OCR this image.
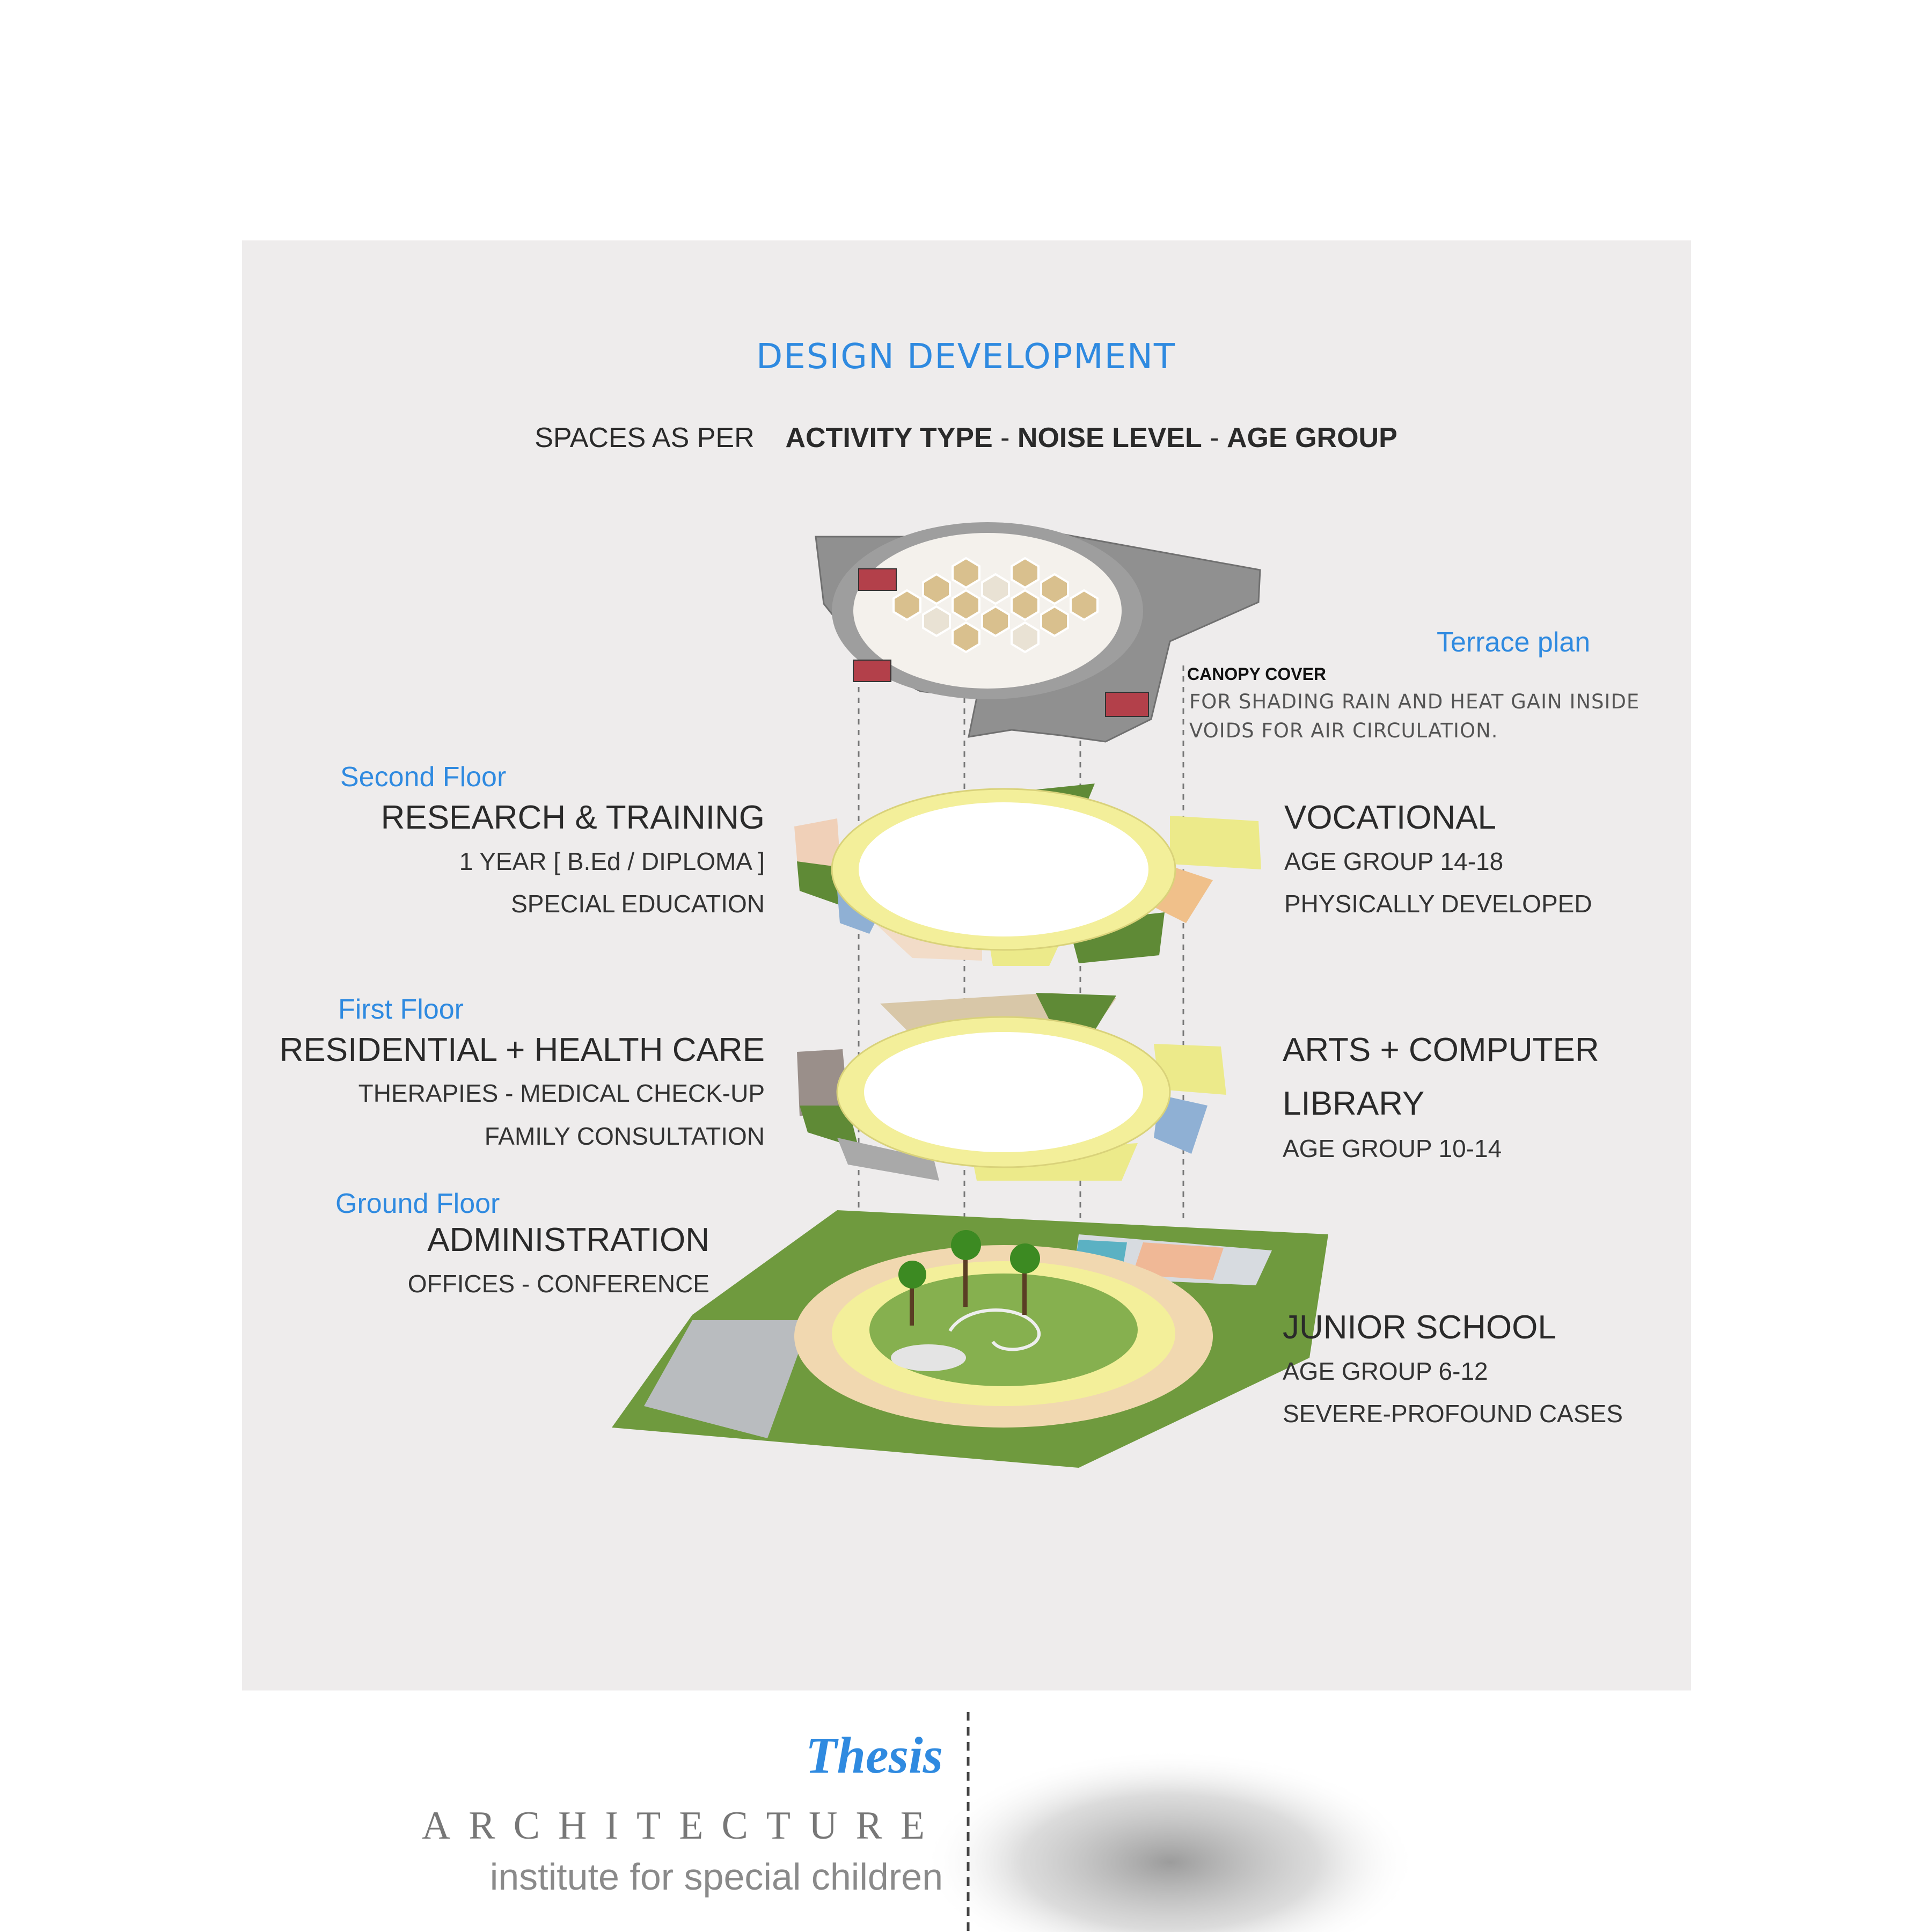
DESIGN DEVELOPMENT
SPACES AS PER ACTIVITY TYPE - NOISE LEVEL - AGE GROUP
Terrace plan
CANOPY COVER
FOR SHADING RAIN AND HEAT GAIN INSIDE
VOIDS FOR AIR CIRCULATION.
Second Floor
RESEARCH & TRAINING
1 YEAR [ B.Ed / DIPLOMA ]
SPECIAL EDUCATION
VOCATIONAL
AGE GROUP 14-18
PHYSICALLY DEVELOPED
First Floor
RESIDENTIAL + HEALTH CARE
THERAPIES - MEDICAL CHECK-UP
FAMILY CONSULTATION
ARTS + COMPUTER
LIBRARY
AGE GROUP 10-14
Ground Floor
ADMINISTRATION
OFFICES - CONFERENCE
JUNIOR SCHOOL
AGE GROUP 6-12
SEVERE-PROFOUND CASES
Thesis
ARCHITECTURE
institute for special children
